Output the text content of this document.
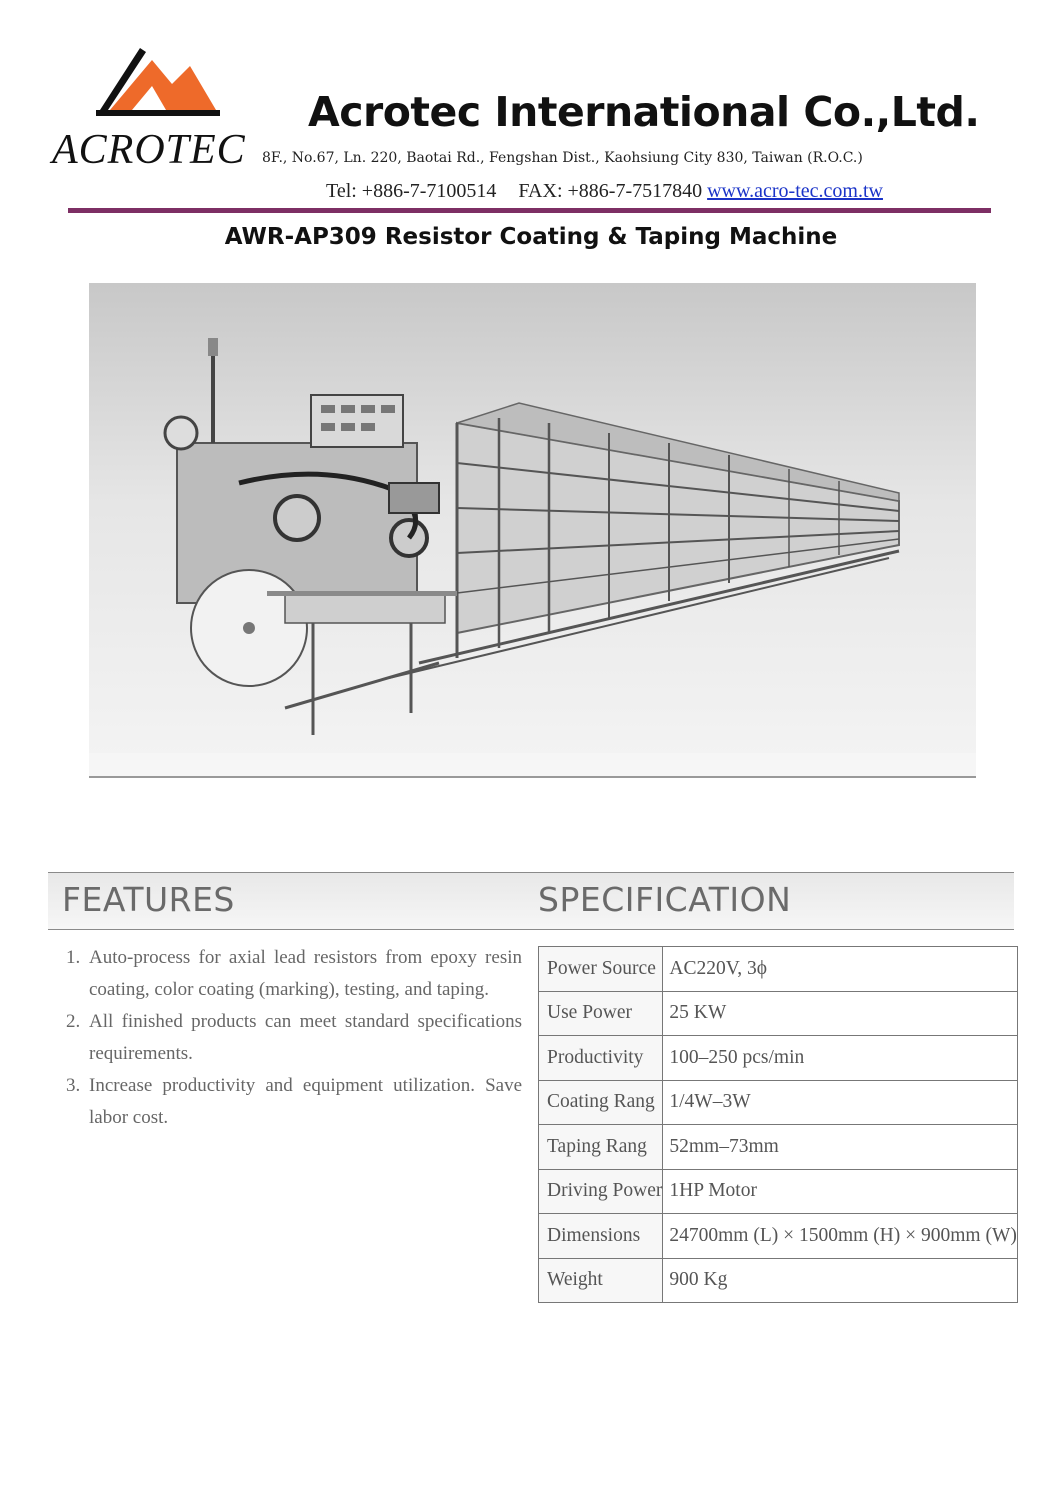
ACROTEC
Acrotec International Co.,Ltd.
8F., No.67, Ln. 220, Baotai Rd., Fengshan Dist., Kaohsiung City 830, Taiwan (R.O.C.)
Tel: +886-7-7100514 FAX: +886-7-7517840 www.acro-tec.com.tw
AWR-AP309 Resistor Coating & Taping Machine
FEATURES	SPECIFICATION
1. Auto-process for axial lead resistors from epoxy resin coating, color coating (marking), testing, and taping.
2. All finished products can meet standard specifications requirements.
3. Increase productivity and equipment utilization. Save labor cost.
Power Source	AC220V, 3ϕ
Use Power	25 KW
Productivity	100–250 pcs/min
Coating Rang	1/4W–3W
Taping Rang	52mm–73mm
Driving Power	1HP Motor
Dimensions	24700mm (L) × 1500mm (H) × 900mm (W)
Weight	900 Kg
